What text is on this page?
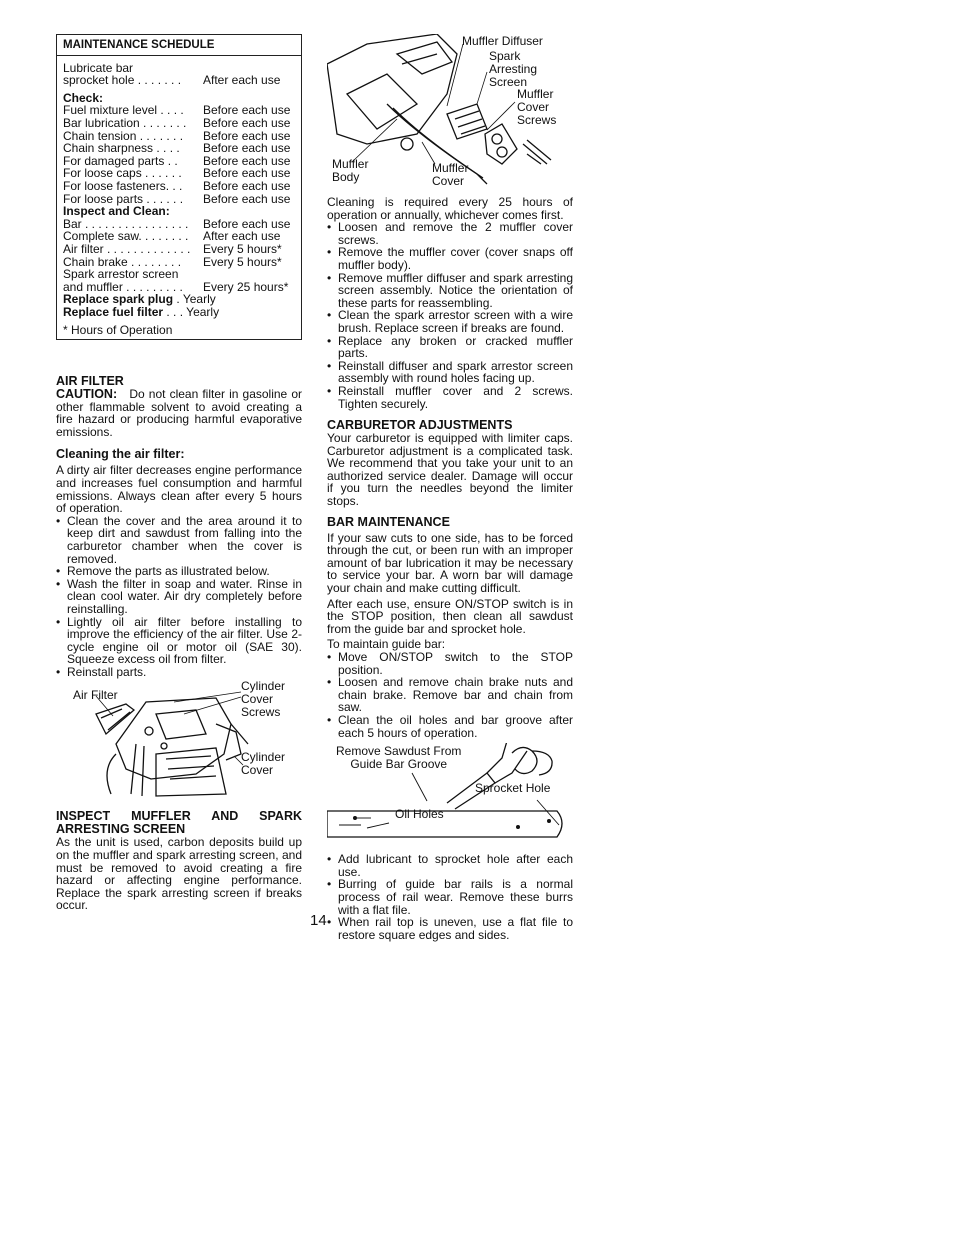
MAINTENANCE SCHEDULE
Lubricate bar
sprocket hole . . . . . . . After each use
Check:
Fuel mixture level . . . . Before each use
Bar lubrication . . . . . . . Before each use
Chain tension . . . . . . . Before each use
Chain sharpness . . . . Before each use
For damaged parts . . Before each use
For loose caps . . . . . . Before each use
For loose fasteners. . . Before each use
For loose parts . . . . . . Before each use
Inspect and Clean:
Bar . . . . . . . . . . . . . . . . Before each use
Complete saw. . . . . . . . After each use
Air filter . . . . . . . . . . . . . Every 5 hours*
Chain brake . . . . . . . . Every 5 hours*
Spark arrestor screen
and muffler . . . . . . . . . Every 25 hours*
Replace spark plug . Yearly
Replace fuel filter . . . Yearly
* Hours of Operation
AIR FILTER

CAUTION: Do not clean filter in gasoline or other flammable solvent to avoid creating a fire hazard or producing harmful evaporative emissions.

Cleaning the air filter:

A dirty air filter decreases engine performance and increases fuel consumption and harmful emissions. Always clean after every 5 hours of operation.

• Clean the cover and the area around it to keep dirt and sawdust from falling into the carburetor chamber when the cover is removed.
• Remove the parts as illustrated below.
• Wash the filter in soap and water. Rinse in clean cool water. Air dry completely before reinstalling.
• Lightly oil air filter before installing to improve the efficiency of the air filter. Use 2-cycle engine oil or motor oil (SAE 30). Squeeze excess oil from filter.
• Reinstall parts.
Air Filter
Cylinder
Cover
Screws
Cylinder
Cover
INSPECT MUFFLER AND SPARK ARRESTING SCREEN

As the unit is used, carbon deposits build up on the muffler and spark arresting screen, and must be removed to avoid creating a fire hazard or affecting engine performance. Replace the spark arresting screen if breaks occur.

Muffler Diffuser
Spark
Arresting
Screen
Muffler
Cover
Screws
Muffler
Body
Muffler
Cover

Cleaning is required every 25 hours of operation or annually, whichever comes first.

• Loosen and remove the 2 muffler cover screws.
• Remove the muffler cover (cover snaps off muffler body).
• Remove muffler diffuser and spark arresting screen assembly. Notice the orientation of these parts for reassembling.
• Clean the spark arrestor screen with a wire brush. Replace screen if breaks are found.
• Replace any broken or cracked muffler parts.
• Reinstall diffuser and spark arrestor screen assembly with round holes facing up.
• Reinstall muffler cover and 2 screws. Tighten securely.
CARBURETOR ADJUSTMENTS

Your carburetor is equipped with limiter caps. Carburetor adjustment is a complicated task. We recommend that you take your unit to an authorized service dealer. Damage will occur if you turn the needles beyond the limiter stops.

BAR MAINTENANCE

If your saw cuts to one side, has to be forced through the cut, or been run with an improper amount of bar lubrication it may be necessary to service your bar. A worn bar will damage your chain and make cutting difficult.

After each use, ensure ON/STOP switch is in the STOP position, then clean all sawdust from the guide bar and sprocket hole.

To maintain guide bar:

• Move ON/STOP switch to the STOP position.
• Loosen and remove chain brake nuts and chain brake. Remove bar and chain from saw.
• Clean the oil holes and bar groove after each 5 hours of operation.
Remove Sawdust From
Guide Bar Groove
Sprocket Hole
Oil Holes
• Add lubricant to sprocket hole after each use.
• Burring of guide bar rails is a normal process of rail wear. Remove these burrs with a flat file.
• When rail top is uneven, use a flat file to restore square edges and sides.
14
